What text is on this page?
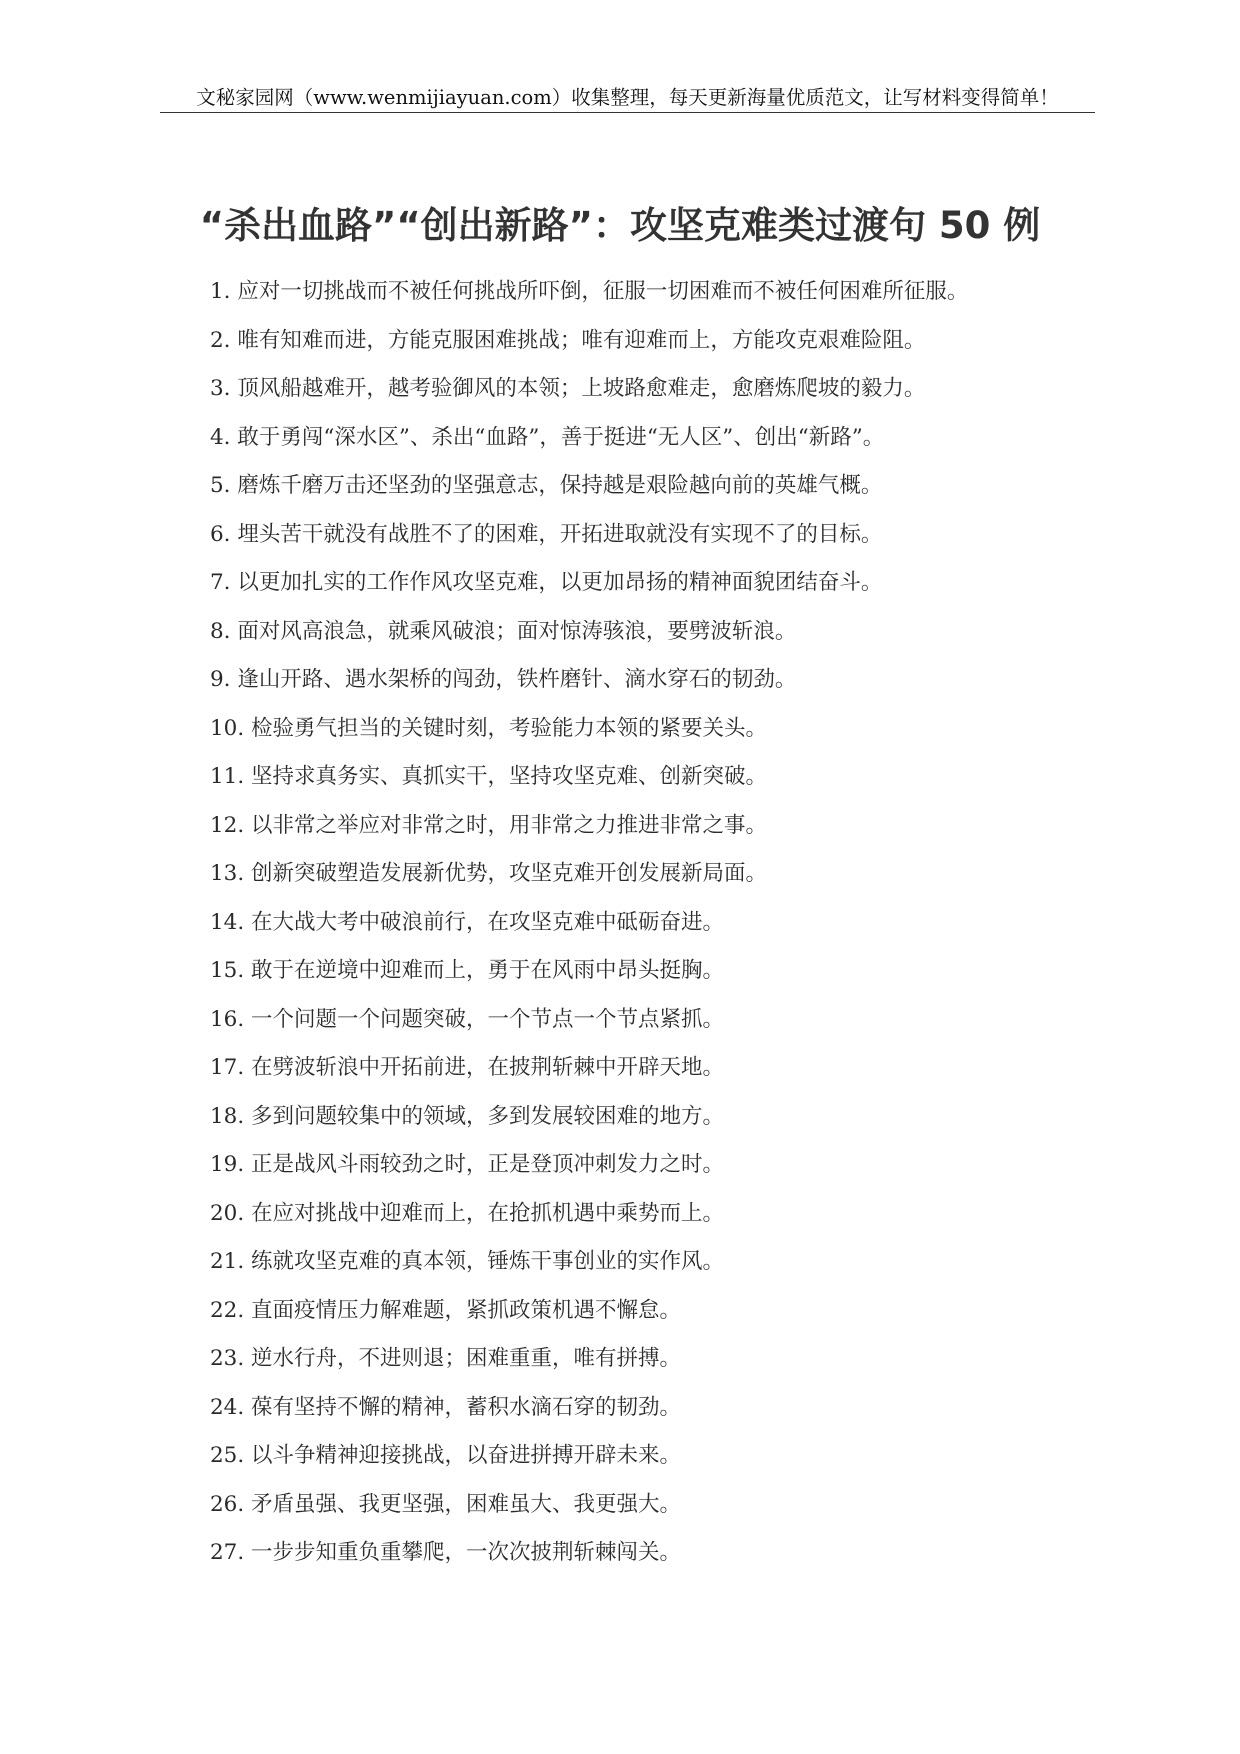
文秘家园网（www.wenmijiayuan.com）收集整理，每天更新海量优质范文，让写材料变得简单！
“杀出血路”“创出新路”：攻坚克难类过渡句 50 例
1. 应对一切挑战而不被任何挑战所吓倒，征服一切困难而不被任何困难所征服。
2. 唯有知难而进，方能克服困难挑战；唯有迎难而上，方能攻克艰难险阻。
3. 顶风船越难开，越考验御风的本领；上坡路愈难走，愈磨炼爬坡的毅力。
4. 敢于勇闯“深水区”、杀出“血路”，善于挺进“无人区”、创出“新路”。
5. 磨炼千磨万击还坚劲的坚强意志，保持越是艰险越向前的英雄气概。
6. 埋头苦干就没有战胜不了的困难，开拓进取就没有实现不了的目标。
7. 以更加扎实的工作作风攻坚克难，以更加昂扬的精神面貌团结奋斗。
8. 面对风高浪急，就乘风破浪；面对惊涛骇浪，要劈波斩浪。
9. 逢山开路、遇水架桥的闯劲，铁杵磨针、滴水穿石的韧劲。
10. 检验勇气担当的关键时刻，考验能力本领的紧要关头。
11. 坚持求真务实、真抓实干，坚持攻坚克难、创新突破。
12. 以非常之举应对非常之时，用非常之力推进非常之事。
13. 创新突破塑造发展新优势，攻坚克难开创发展新局面。
14. 在大战大考中破浪前行，在攻坚克难中砥砺奋进。
15. 敢于在逆境中迎难而上，勇于在风雨中昂头挺胸。
16. 一个问题一个问题突破，一个节点一个节点紧抓。
17. 在劈波斩浪中开拓前进，在披荆斩棘中开辟天地。
18. 多到问题较集中的领域，多到发展较困难的地方。
19. 正是战风斗雨较劲之时，正是登顶冲刺发力之时。
20. 在应对挑战中迎难而上，在抢抓机遇中乘势而上。
21. 练就攻坚克难的真本领，锤炼干事创业的实作风。
22. 直面疫情压力解难题，紧抓政策机遇不懈怠。
23. 逆水行舟，不进则退；困难重重，唯有拼搏。
24. 葆有坚持不懈的精神，蓄积水滴石穿的韧劲。
25. 以斗争精神迎接挑战，以奋进拼搏开辟未来。
26. 矛盾虽强、我更坚强，困难虽大、我更强大。
27. 一步步知重负重攀爬，一次次披荆斩棘闯关。
